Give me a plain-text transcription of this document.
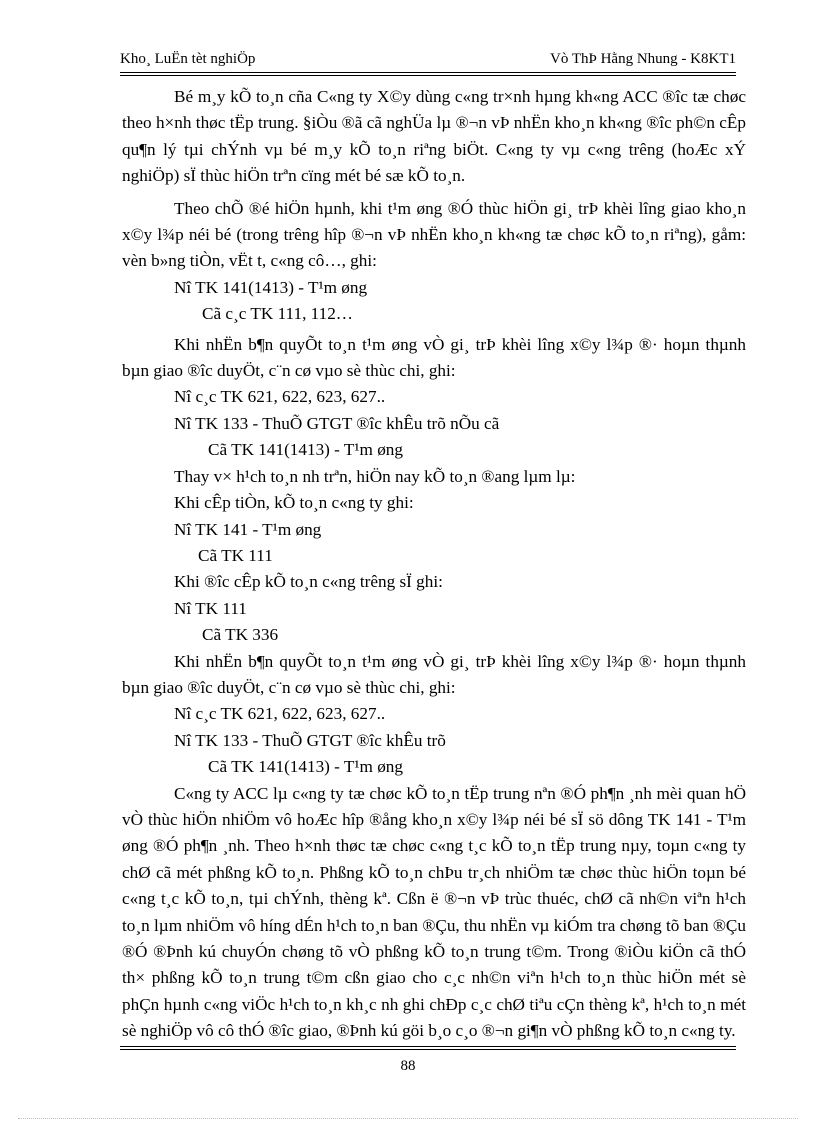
Kho¸ LuËn tèt nghiÖp	Vò ThÞ Hằng Nhung - K8KT1

Bé m¸y kÕ to¸n cña C«ng ty X©y dùng c«ng tr×nh hµng kh«ng ACC ®îc tæ chøc theo h×nh thøc tËp trung. §iÒu ®ã cã nghÜa lµ ®¬n vÞ nhËn kho¸n kh«ng ®îc ph©n cÊp qu¶n lý tµi chÝnh vµ bé m¸y kÕ to¸n riªng biÖt. C«ng ty vµ c«ng trêng (hoÆc xÝ nghiÖp) sÏ thùc hiÖn trªn cïng mét bé sæ kÕ to¸n.

Theo chÕ ®é hiÖn hµnh, khi t¹m øng ®Ó thùc hiÖn gi¸ trÞ khèi lîng giao kho¸n x©y l¾p néi bé (trong trêng hîp ®¬n vÞ nhËn kho¸n kh«ng tæ chøc kÕ to¸n riªng), gåm: vèn b»ng tiÒn, vËt t, c«ng cô…, ghi:

Nî TK 141(1413) - T¹m øng

Cã c¸c TK 111, 112…

Khi nhËn b¶n quyÕt to¸n t¹m øng vÒ gi¸ trÞ khèi lîng x©y l¾p ®· hoµn thµnh bµn giao ®îc duyÖt, c¨n cø vµo sè thùc chi, ghi:

Nî c¸c TK 621, 622, 623, 627..

Nî TK 133 - ThuÕ GTGT ®îc khÊu trõ nÕu cã

Cã TK 141(1413) - T¹m øng

Thay v× h¹ch to¸n nh trªn, hiÖn nay kÕ to¸n ®ang lµm lµ:

Khi cÊp tiÒn, kÕ to¸n c«ng ty ghi:

Nî TK 141 - T¹m øng

Cã TK 111

Khi ®îc cÊp kÕ to¸n c«ng trêng sÏ ghi:

Nî TK 111

Cã TK 336

Khi nhËn b¶n quyÕt to¸n t¹m øng vÒ gi¸ trÞ khèi lîng x©y l¾p ®· hoµn thµnh bµn giao ®îc duyÖt, c¨n cø vµo sè thùc chi, ghi:

Nî c¸c TK 621, 622, 623, 627..

Nî TK 133 - ThuÕ GTGT ®îc khÊu trõ

Cã TK 141(1413) - T¹m øng

C«ng ty ACC lµ c«ng ty tæ chøc kÕ to¸n tËp trung nªn ®Ó ph¶n ¸nh mèi quan hÖ vÒ thùc hiÖn nhiÖm vô hoÆc hîp ®ång kho¸n x©y l¾p néi bé sÏ sö dông TK 141 - T¹m øng ®Ó ph¶n ¸nh. Theo h×nh thøc tæ chøc c«ng t¸c kÕ to¸n tËp trung nµy, toµn c«ng ty chØ cã mét phßng kÕ to¸n. Phßng kÕ to¸n chÞu tr¸ch nhiÖm tæ chøc thùc hiÖn toµn bé c«ng t¸c kÕ to¸n, tµi chÝnh, thèng kª. Cßn ë ®¬n vÞ trùc thuéc, chØ cã nh©n viªn h¹ch to¸n lµm nhiÖm vô híng dÉn h¹ch to¸n ban ®Çu, thu nhËn vµ kiÓm tra chøng tõ ban ®Çu ®Ó ®Þnh kú chuyÓn chøng tõ vÒ phßng kÕ to¸n trung t©m. Trong ®iÒu kiÖn cã thÓ th× phßng kÕ to¸n trung t©m cßn giao cho c¸c nh©n viªn h¹ch to¸n thùc hiÖn mét sè phÇn hµnh c«ng viÖc h¹ch to¸n kh¸c nh ghi chÐp c¸c chØ tiªu cÇn thèng kª, h¹ch to¸n mét sè nghiÖp vô cô thÓ ®îc giao, ®Þnh kú göi b¸o c¸o ®¬n gi¶n vÒ phßng kÕ to¸n c«ng ty.

88
